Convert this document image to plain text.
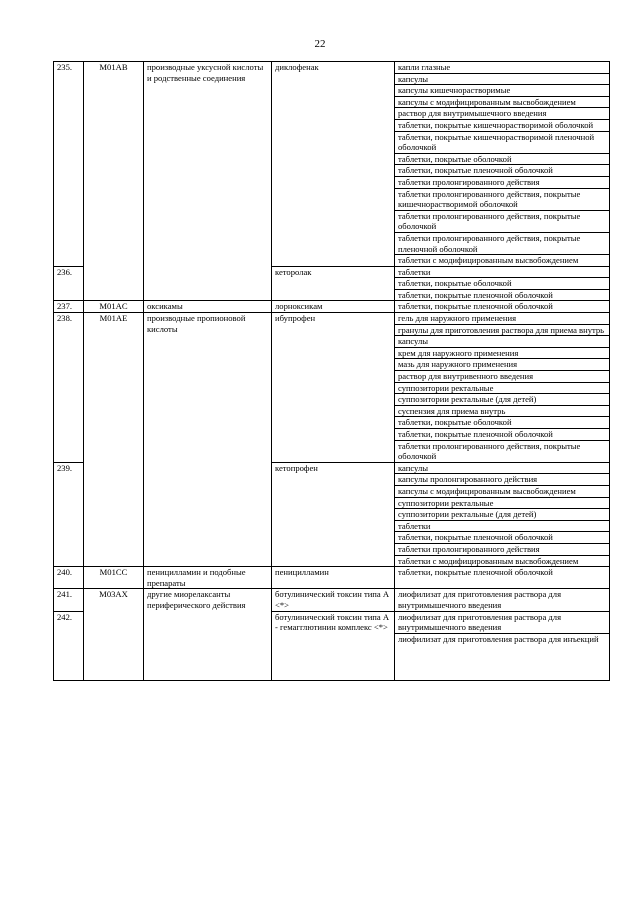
22
235.	M01AB	производные уксусной кислоты и родственные соединения	диклофенак	капли глазные
				капсулы
				капсулы кишечнорастворимые
				капсулы с модифицированным высвобождением
				раствор для внутримышечного введения
				таблетки, покрытые кишечнорастворимой оболочкой
				таблетки, покрытые кишечнорастворимой пленочной оболочкой
				таблетки, покрытые оболочкой
				таблетки, покрытые пленочной оболочкой
				таблетки пролонгированного действия
				таблетки пролонгированного действия, покрытые кишечнорастворимой оболочкой
				таблетки пролонгированного действия, покрытые оболочкой
				таблетки пролонгированного действия, покрытые пленочной оболочкой
				таблетки с модифицированным высвобождением
236.			кеторолак	таблетки
				таблетки, покрытые оболочкой
				таблетки, покрытые пленочной оболочкой
237.	M01AC	оксикамы	лорноксикам	таблетки, покрытые пленочной оболочкой
238.	M01AE	производные пропионовой кислоты	ибупрофен	гель для наружного применения
				гранулы для приготовления раствора для приема внутрь
				капсулы
				крем для наружного применения
				мазь для наружного применения
				раствор для внутривенного введения
				суппозитории ректальные
				суппозитории ректальные (для детей)
				суспензия для приема внутрь
				таблетки, покрытые оболочкой
				таблетки, покрытые пленочной оболочкой
				таблетки пролонгированного действия, покрытые оболочкой
239.			кетопрофен	капсулы
				капсулы пролонгированного действия
				капсулы с модифицированным высвобождением
				суппозитории ректальные
				суппозитории ректальные (для детей)
				таблетки
				таблетки, покрытые пленочной оболочкой
				таблетки пролонгированного действия
				таблетки с модифицированным высвобождением
240.	M01CC	пеницилламин и подобные препараты	пеницилламин	таблетки, покрытые пленочной оболочкой
241.	M03AX	другие миорелаксанты периферического действия	ботулинический токсин типа A <*>	лиофилизат для приготовления раствора для внутримышечного введения
242.			ботулинический токсин типа A - гемагглютинин комплекс <*>	лиофилизат для приготовления раствора для внутримышечного введения
				лиофилизат для приготовления раствора для инъекций
